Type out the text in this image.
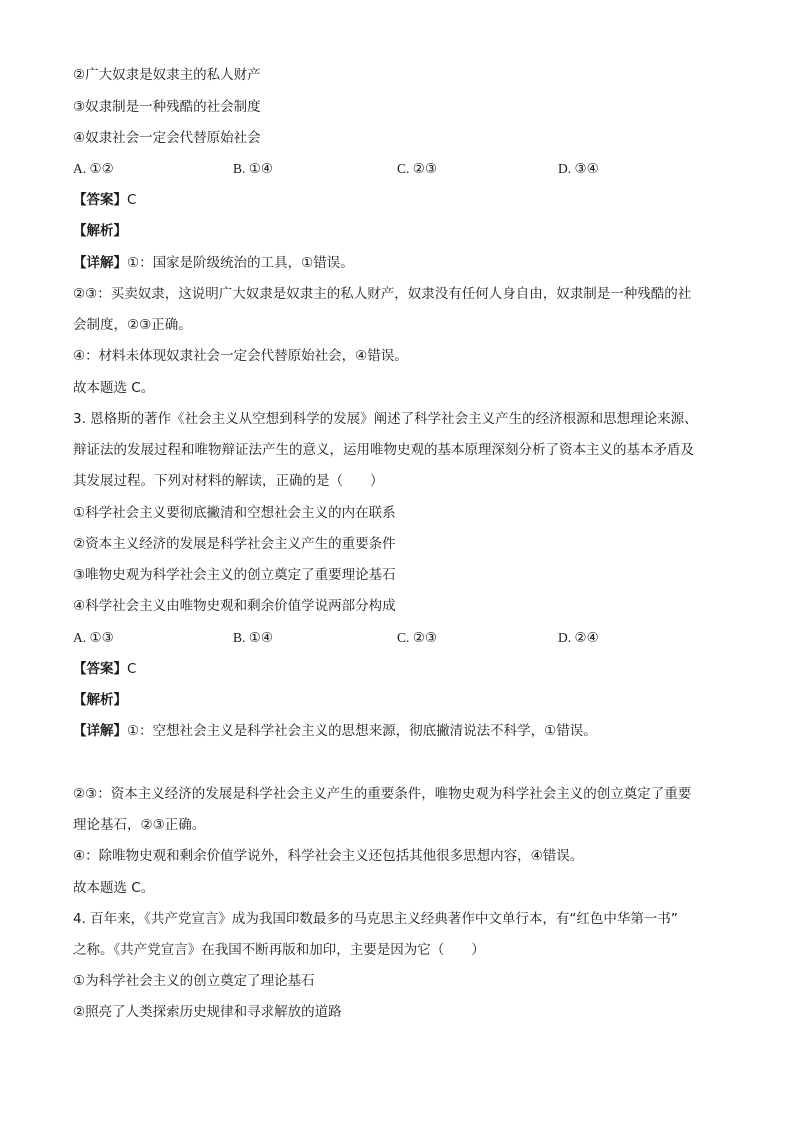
②广大奴隶是奴隶主的私人财产
③奴隶制是一种残酷的社会制度
④奴隶社会一定会代替原始社会
A. ①②	B. ①④	C. ②③	D. ③④
【答案】C
【解析】
【详解】①：国家是阶级统治的工具，①错误。
②③：买卖奴隶，这说明广大奴隶是奴隶主的私人财产，奴隶没有任何人身自由，奴隶制是一种残酷的社
会制度，②③正确。
④：材料未体现奴隶社会一定会代替原始社会，④错误。
故本题选 C。
3. 恩格斯的著作《社会主义从空想到科学的发展》阐述了科学社会主义产生的经济根源和思想理论来源、
辩证法的发展过程和唯物辩证法产生的意义，运用唯物史观的基本原理深刻分析了资本主义的基本矛盾及
其发展过程。下列对材料的解读，正确的是（　　）
①科学社会主义要彻底撇清和空想社会主义的内在联系
②资本主义经济的发展是科学社会主义产生的重要条件
③唯物史观为科学社会主义的创立奠定了重要理论基石
④科学社会主义由唯物史观和剩余价值学说两部分构成
A. ①③	B. ①④	C. ②③	D. ②④
【答案】C
【解析】
【详解】①：空想社会主义是科学社会主义的思想来源，彻底撇清说法不科学，①错误。
②③：资本主义经济的发展是科学社会主义产生的重要条件，唯物史观为科学社会主义的创立奠定了重要
理论基石，②③正确。
④：除唯物史观和剩余价值学说外，科学社会主义还包括其他很多思想内容，④错误。
故本题选 C。
4. 百年来，《共产党宣言》成为我国印数最多的马克思主义经典著作中文单行本，有“红色中华第一书”
之称。《共产党宣言》在我国不断再版和加印，主要是因为它（　　）
①为科学社会主义的创立奠定了理论基石
②照亮了人类探索历史规律和寻求解放的道路
